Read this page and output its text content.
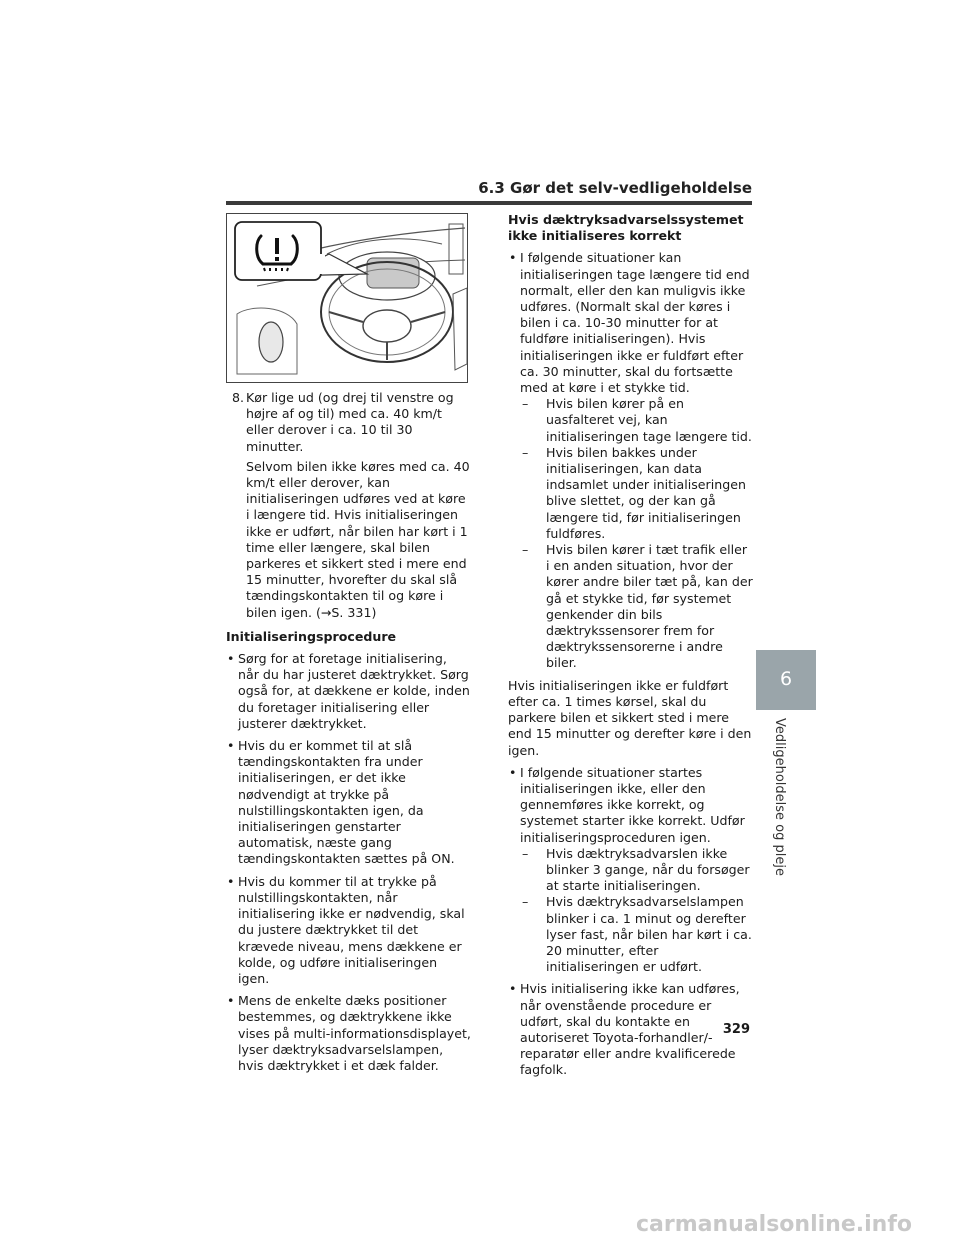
6.3 Gør det selv-vedligeholdelse
6
Vedligeholdelse og pleje
8. Kør lige ud (og drej til venstre og højre af og til) med ca. 40 km/t eller derover i ca. 10 til 30 minutter.

Selvom bilen ikke køres med ca. 40 km/t eller derover, kan initialiseringen udføres ved at køre i længere tid. Hvis initialiseringen ikke er udført, når bilen har kørt i 1 time eller længere, skal bilen parkeres et sikkert sted i mere end 15 minutter, hvorefter du skal slå tændingskontakten til og køre i bilen igen. (→S. 331)

Initialiseringsprocedure

• Sørg for at foretage initialisering, når du har justeret dæktrykket. Sørg også for, at dækkene er kolde, inden du foretager initialisering eller justerer dæktrykket.
• Hvis du er kommet til at slå tændingskontakten fra under initialiseringen, er det ikke nødvendigt at trykke på nulstillingskontakten igen, da initialiseringen genstarter automatisk, næste gang tændingskontakten sættes på ON.
• Hvis du kommer til at trykke på nulstillingskontakten, når initialisering ikke er nødvendig, skal du justere dæktrykket til det krævede niveau, mens dækkene er kolde, og udføre initialiseringen igen.
• Mens de enkelte dæks positioner bestemmes, og dæktrykkene ikke vises på multi-informationsdisplayet, lyser dæktryksadvarselslampen, hvis dæktrykket i et dæk falder.

Hvis dæktryksadvarselssystemet ikke initialiseres korrekt

• I følgende situationer kan initialiseringen tage længere tid end normalt, eller den kan muligvis ikke udføres. (Normalt skal der køres i bilen i ca. 10-30 minutter for at fuldføre initialiseringen). Hvis initialiseringen ikke er fuldført efter ca. 30 minutter, skal du fortsætte med at køre i et stykke tid.
– Hvis bilen kører på en uasfalteret vej, kan initialiseringen tage længere tid.
– Hvis bilen bakkes under initialiseringen, kan data indsamlet under initialiseringen blive slettet, og der kan gå længere tid, før initialiseringen fuldføres.
– Hvis bilen kører i tæt trafik eller i en anden situation, hvor der kører andre biler tæt på, kan der gå et stykke tid, før systemet genkender din bils dæktrykssensorer frem for dæktrykssensorerne i andre biler.

Hvis initialiseringen ikke er fuldført efter ca. 1 times kørsel, skal du parkere bilen et sikkert sted i mere end 15 minutter og derefter køre i den igen.

• I følgende situationer startes initialiseringen ikke, eller den gennemføres ikke korrekt, og systemet starter ikke korrekt. Udfør initialiseringsproceduren igen.
– Hvis dæktryksadvarslen ikke blinker 3 gange, når du forsøger at starte initialiseringen.
– Hvis dæktryksadvarselslampen blinker i ca. 1 minut og derefter lyser fast, når bilen har kørt i ca. 20 minutter, efter initialiseringen er udført.
• Hvis initialisering ikke kan udføres, når ovenstående procedure er udført, skal du kontakte en autoriseret Toyota-forhandler/-reparatør eller andre kvalificerede fagfolk.
329
carmanualsonline.info
